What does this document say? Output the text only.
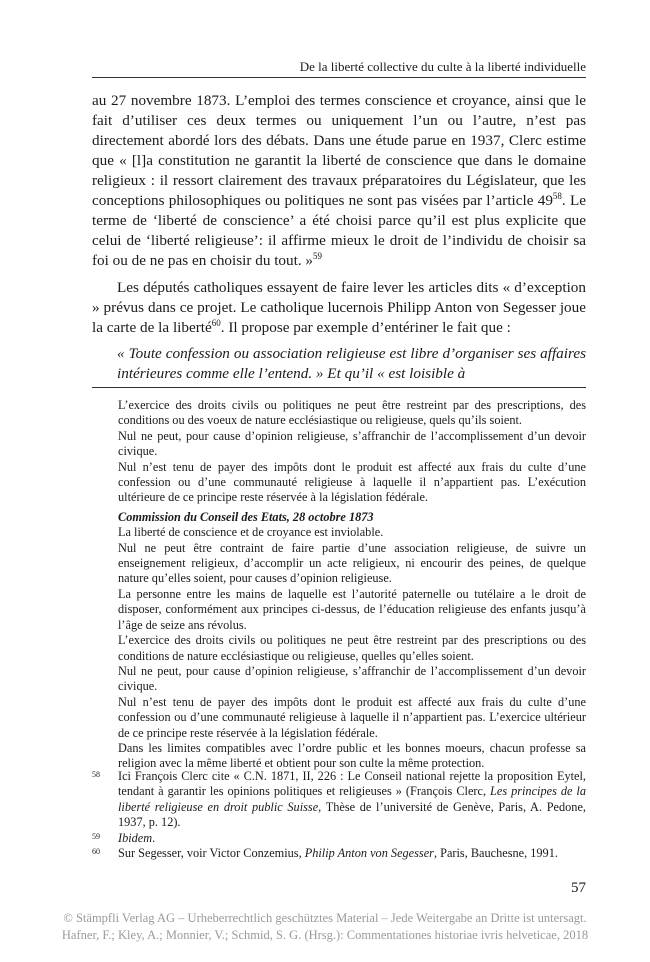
De la liberté collective du culte à la liberté individuelle

au 27 novembre 1873. L’emploi des termes conscience et croyance, ainsi que le fait d’utiliser ces deux termes ou uniquement l’un ou l’autre, n’est pas directement abordé lors des débats. Dans une étude parue en 1937, Clerc estime que « [l]a constitution ne garantit la liberté de conscience que dans le domaine religieux : il ressort clairement des travaux préparatoires du Législateur, que les conceptions philosophiques ou politiques ne sont pas visées par l’article $49^{58}$. Le terme de ‘liberté de conscience’ a été choisi parce qu’il est plus explicite que celui de ‘liberté religieuse’: il affirme mieux le droit de l’individu de choisir sa foi ou de ne pas en choisir du tout. »$^{59}$

Les députés catholiques essayent de faire lever les articles dits « d’exception » prévus dans ce projet. Le catholique lucernois Philipp Anton von Segesser joue la carte de la liberté$^{60}$. Il propose par exemple d’entériner le fait que :

« Toute confession ou association religieuse est libre d’organiser ses affaires intérieures comme elle l’entend. » Et qu’il « est loisible à

L’exercice des droits civils ou politiques ne peut être restreint par des prescriptions, des conditions ou des voeux de nature ecclésiastique ou religieuse, quels qu’ils soient.

Nul ne peut, pour cause d’opinion religieuse, s’affranchir de l’accomplissement d’un devoir civique.

Nul n’est tenu de payer des impôts dont le produit est affecté aux frais du culte d’une confession ou d’une communauté religieuse à laquelle il n’appartient pas. L’exécution ultérieure de ce principe reste réservée à la législation fédérale.

Commission du Conseil des Etats, 28 octobre 1873

La liberté de conscience et de croyance est inviolable.

Nul ne peut être contraint de faire partie d’une association religieuse, de suivre un enseignement religieux, d’accomplir un acte religieux, ni encourir des peines, de quelque nature qu’elles soient, pour causes d’opinion religieuse.

La personne entre les mains de laquelle est l’autorité paternelle ou tutélaire a le droit de disposer, conformément aux principes ci-dessus, de l’éducation religieuse des enfants jusqu’à l’âge de seize ans révolus.

L’exercice des droits civils ou politiques ne peut être restreint par des prescriptions ou des conditions de nature ecclésiastique ou religieuse, quelles qu’elles soient.

Nul ne peut, pour cause d’opinion religieuse, s’affranchir de l’accomplissement d’un devoir civique.

Nul n’est tenu de payer des impôts dont le produit est affecté aux frais du culte d’une confession ou d’une communauté religieuse à laquelle il n’appartient pas. L’exercice ultérieur de ce principe reste réservée à la législation fédérale.

Dans les limites compatibles avec l’ordre public et les bonnes moeurs, chacun professe sa religion avec la même liberté et obtient pour son culte la même protection.

58	Ici François Clerc cite « C.N. 1871, II, 226 : Le Conseil national rejette la proposition Eytel, tendant à garantir les opinions politiques et religieuses » (François Clerc, Les principes de la liberté religieuse en droit public Suisse, Thèse de l’université de Genève, Paris, A. Pedone, 1937, p. 12).
59	Ibidem.
60	Sur Segesser, voir Victor Conzemius, Philip Anton von Segesser, Paris, Bauchesne, 1991.
57
© Stämpfli Verlag AG – Urheberrechtlich geschütztes Material – Jede Weitergabe an Dritte ist untersagt.
Hafner, F.; Kley, A.; Monnier, V.; Schmid, S. G. (Hrsg.): Commentationes historiae ivris helveticae, 2018
